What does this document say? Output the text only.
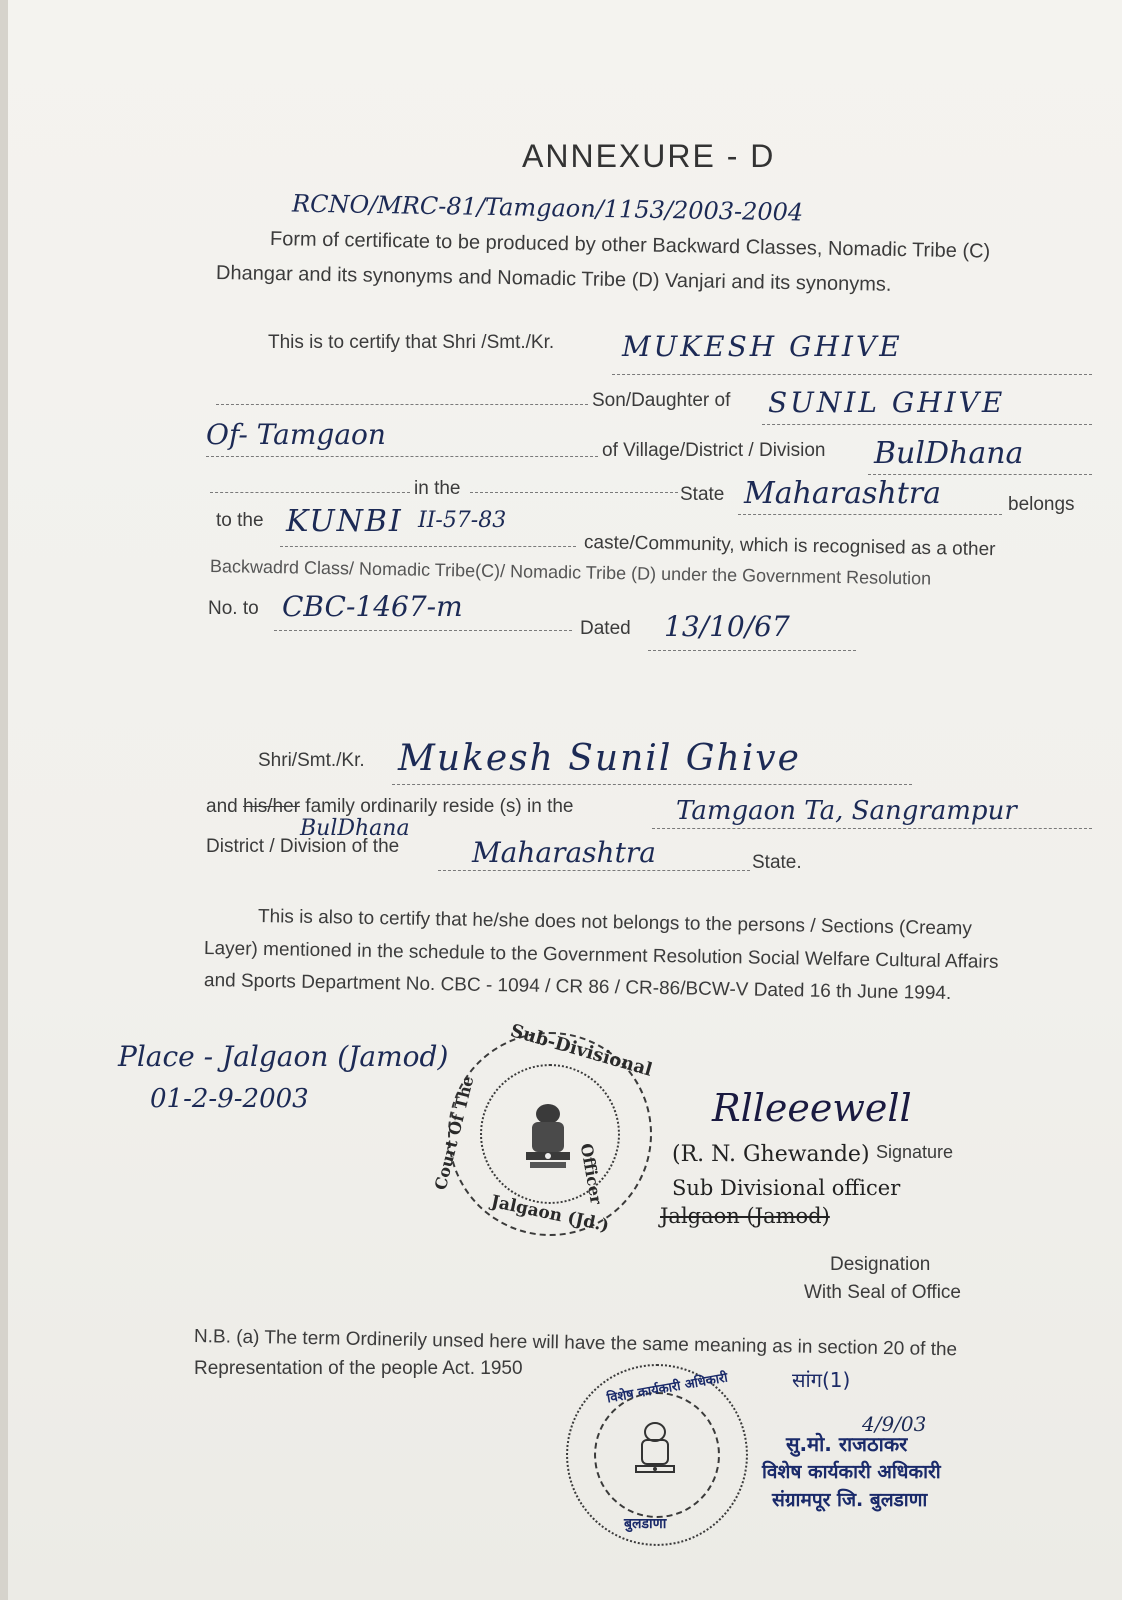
ANNEXURE - D
RCNO/MRC-81/Tamgaon/1153/2003-2004
Form of certificate to be produced by other Backward Classes, Nomadic Tribe (C)
Dhangar and its synonyms and Nomadic Tribe (D) Vanjari and its synonyms.
This is to certify that Shri /Smt./Kr. MUKESH GHIVE
Son/Daughter of SUNIL GHIVE
Of- Tamgaon	of Village/District / Division BulDhana
in the	State Maharashtra	belongs
to the KUNBI II-57-83
caste/Community, which is recognised as a other
Backwadrd Class/ Nomadic Tribe(C)/ Nomadic Tribe (D) under the Government Resolution
No. to CBC-1467-m
Dated 13/10/67
Shri/Smt./Kr. Mukesh Sunil Ghive
and his/her family ordinarily reside (s) in the	Tamgaon Ta, Sangrampur
BulDhana
District / Division of the	Maharashtra	State.
This is also to certify that he/she does not belongs to the persons / Sections (Creamy
Layer) mentioned in the schedule to the Government Resolution Social Welfare Cultural Affairs
and Sports Department No. CBC - 1094 / CR 86 / CR-86/BCW-V Dated 16 th June 1994.
Place - Jalgaon (Jamod)
01-2-9-2003
Sub-Divisional
Officer
Court Of The
Jalgaon (Jd.)
Rlleeewell
(R. N. Ghewande) Signature
Sub Divisional officer
Jalgaon (Jamod)
Designation
With Seal of Office
N.B. (a) The term Ordinerily unsed here will have the same meaning as in section 20 of the
Representation of the people Act. 1950
विशेष कार्यकारी अधिकारी
बुलडाणा
सांग(1)
4/9/03
सु.मो. राजठाकर
विशेष कार्यकारी अधिकारी
संग्रामपूर जि. बुलडाणा
